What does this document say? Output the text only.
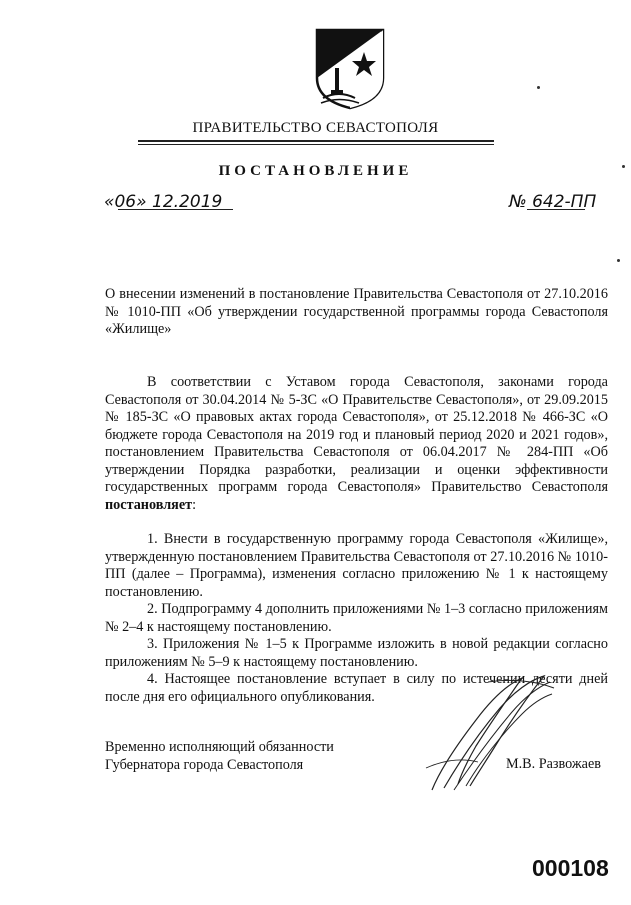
ПРАВИТЕЛЬСТВО СЕВАСТОПОЛЯ
ПОСТАНОВЛЕНИЕ
«06» 12.2019	№ 642-ПП
О внесении изменений в постановление Правительства Севастополя от 27.10.2016 № 1010-ПП «Об утверждении государственной программы города Севастополя «Жилище»
В соответствии с Уставом города Севастополя, законами города Севастополя от 30.04.2014 № 5-ЗС «О Правительстве Севастополя», от 29.09.2015 № 185-ЗС «О правовых актах города Севастополя», от 25.12.2018 № 466-ЗС «О бюджете города Севастополя на 2019 год и плановый период 2020 и 2021 годов», постановлением Правительства Севастополя от 06.04.2017 № 284-ПП «Об утверждении Порядка разработки, реализации и оценки эффективности государственных программ города Севастополя» Правительство Севастополя постановляет:
1. Внести в государственную программу города Севастополя «Жилище», утвержденную постановлением Правительства Севастополя от 27.10.2016 № 1010-ПП (далее – Программа), изменения согласно приложению № 1 к настоящему постановлению.
2. Подпрограмму 4 дополнить приложениями № 1–3 согласно приложениям № 2–4 к настоящему постановлению.
3. Приложения № 1–5 к Программе изложить в новой редакции согласно приложениям № 5–9 к настоящему постановлению.
4. Настоящее постановление вступает в силу по истечении десяти дней после дня его официального опубликования.
Временно исполняющий обязанности
Губернатора города Севастополя	М.В. Развожаев
000108
